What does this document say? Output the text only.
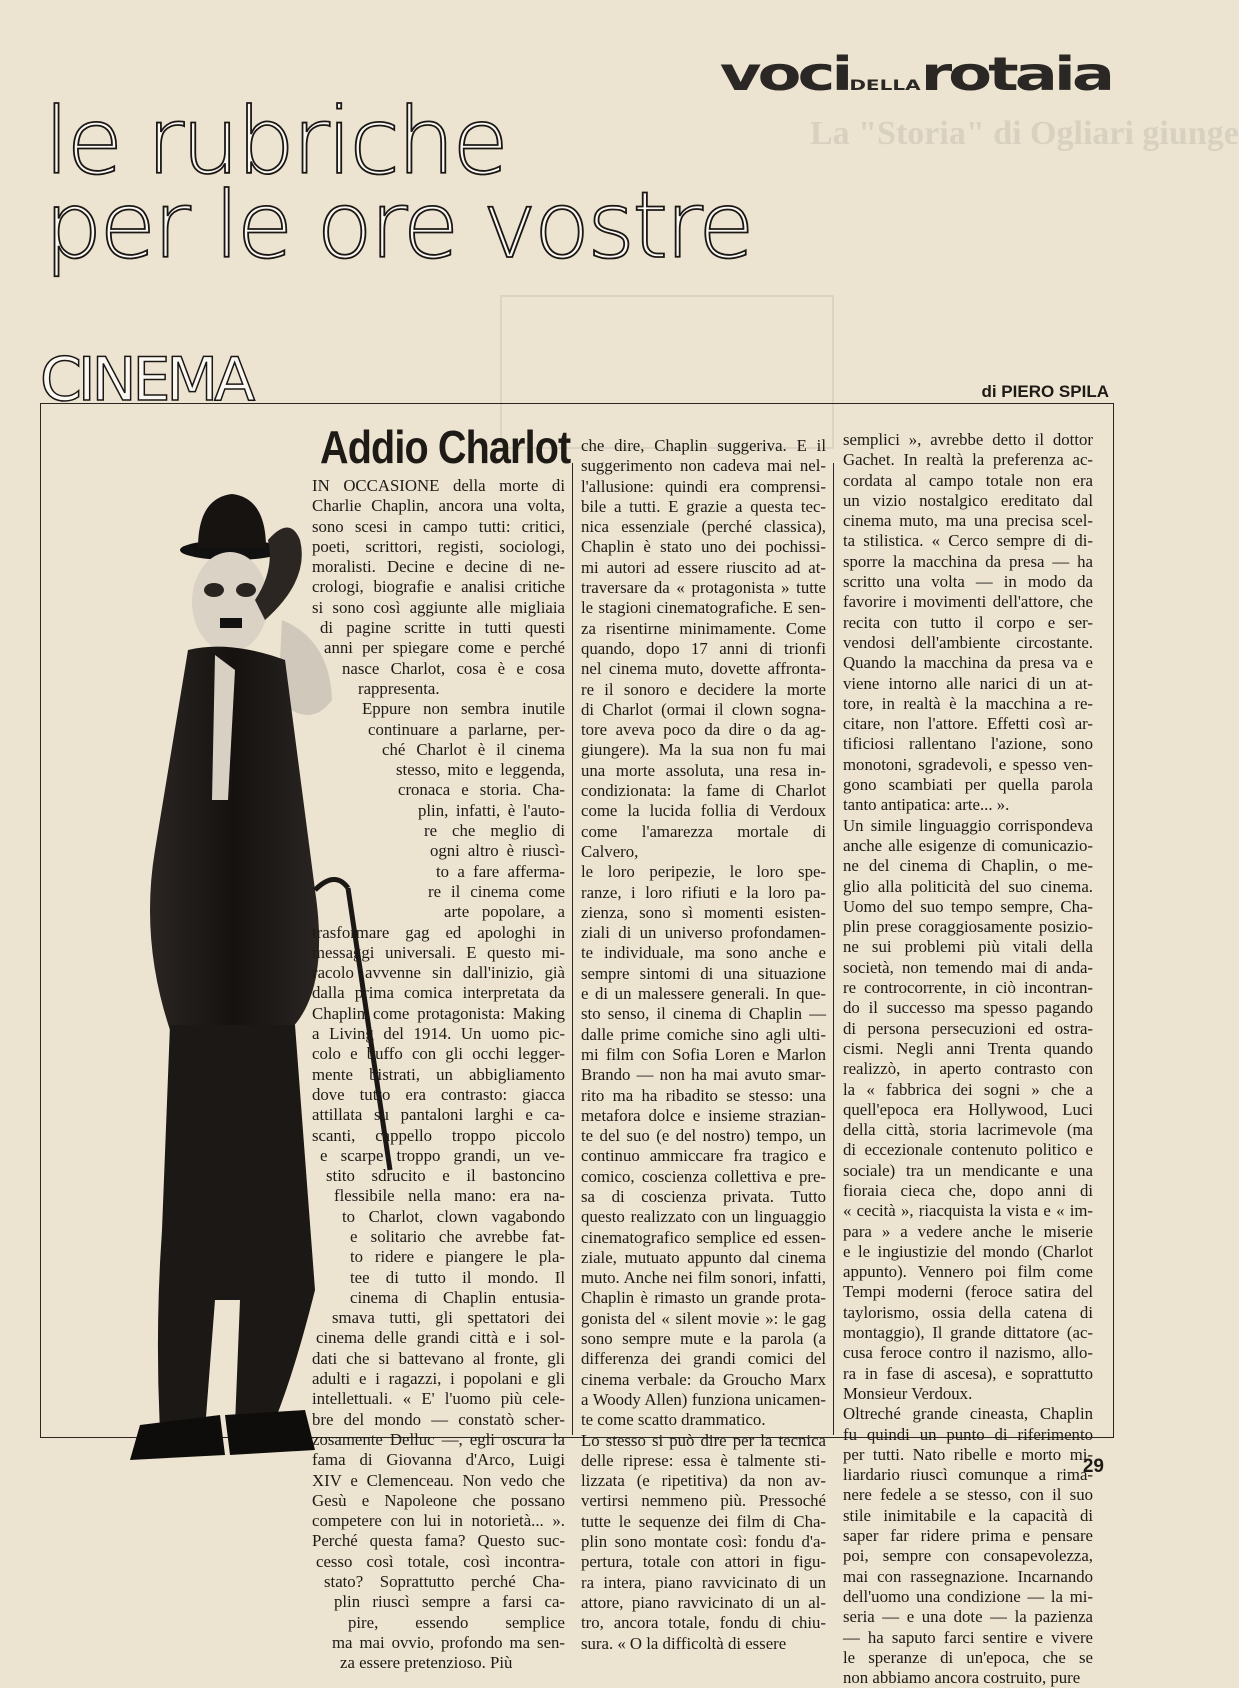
La "Storia" di Ogliari giunge
vociDELLArotaia
le rubriche
per le ore vostre
CINEMA	di PIERO SPILA
Addio Charlot

IN OCCASIONE della morte di

Charlie Chaplin, ancora una volta,

sono scesi in campo tutti: critici,

poeti, scrittori, registi, sociologi,

moralisti. Decine e decine di ne-

crologi, biografie e analisi critiche

si sono così aggiunte alle migliaia

di pagine scritte in tutti questi

anni per spiegare come e perché

nasce Charlot, cosa è e cosa

rappresenta.

Eppure non sembra inutile

continuare a parlarne, per-

ché Charlot è il cinema

stesso, mito e leggenda,

cronaca e storia. Cha-

plin, infatti, è l'auto-

re che meglio di

ogni altro è riuscì-

to a fare afferma-

re il cinema come

arte popolare, a

trasformare gag ed apologhi in

messaggi universali. E questo mi-

racolo avvenne sin dall'inizio, già

dalla prima comica interpretata da

Chaplin come protagonista: Making

a Living del 1914. Un uomo pic-

colo e buffo con gli occhi legger-

mente bistrati, un abbigliamento

dove tutto era contrasto: giacca

attillata su pantaloni larghi e ca-

scanti, cappello troppo piccolo

e scarpe troppo grandi, un ve-

stito sdrucito e il bastoncino

flessibile nella mano: era na-

to Charlot, clown vagabondo

e solitario che avrebbe fat-

to ridere e piangere le pla-

tee di tutto il mondo. Il

cinema di Chaplin entusia-

smava tutti, gli spettatori dei

cinema delle grandi città e i sol-

dati che si battevano al fronte, gli

adulti e i ragazzi, i popolani e gli

intellettuali. « E' l'uomo più cele-

bre del mondo — constatò scher-

zosamente Delluc —, egli oscura la

fama di Giovanna d'Arco, Luigi

XIV e Clemenceau. Non vedo che

Gesù e Napoleone che possano

competere con lui in notorietà... ».

Perché questa fama? Questo suc-

cesso così totale, così incontra-

stato? Soprattutto perché Cha-

plin riuscì sempre a farsi ca-

pire, essendo semplice

ma mai ovvio, profondo ma sen-

za essere pretenzioso. Più

che dire, Chaplin suggeriva. E il

suggerimento non cadeva mai nel-

l'allusione: quindi era comprensi-

bile a tutti. E grazie a questa tec-

nica essenziale (perché classica),

Chaplin è stato uno dei pochissi-

mi autori ad essere riuscito ad at-

traversare da « protagonista » tutte

le stagioni cinematografiche. E sen-

za risentirne minimamente. Come

quando, dopo 17 anni di trionfi

nel cinema muto, dovette affronta-

re il sonoro e decidere la morte

di Charlot (ormai il clown sogna-

tore aveva poco da dire o da ag-

giungere). Ma la sua non fu mai

una morte assoluta, una resa in-

condizionata: la fame di Charlot

come la lucida follia di Verdoux

come l'amarezza mortale di Calvero,

le loro peripezie, le loro spe-

ranze, i loro rifiuti e la loro pa-

zienza, sono sì momenti esisten-

ziali di un universo profondamen-

te individuale, ma sono anche e

sempre sintomi di una situazione

e di un malessere generali. In que-

sto senso, il cinema di Chaplin —

dalle prime comiche sino agli ulti-

mi film con Sofia Loren e Marlon

Brando — non ha mai avuto smar-

rito ma ha ribadito se stesso: una

metafora dolce e insieme strazian-

te del suo (e del nostro) tempo, un

continuo ammiccare fra tragico e

comico, coscienza collettiva e pre-

sa di coscienza privata. Tutto

questo realizzato con un linguaggio

cinematografico semplice ed essen-

ziale, mutuato appunto dal cinema

muto. Anche nei film sonori, infatti,

Chaplin è rimasto un grande prota-

gonista del « silent movie »: le gag

sono sempre mute e la parola (a

differenza dei grandi comici del

cinema verbale: da Groucho Marx

a Woody Allen) funziona unicamen-

te come scatto drammatico.

Lo stesso si può dire per la tecnica

delle riprese: essa è talmente sti-

lizzata (e ripetitiva) da non av-

vertirsi nemmeno più. Pressoché

tutte le sequenze dei film di Cha-

plin sono montate così: fondu d'a-

pertura, totale con attori in figu-

ra intera, piano ravvicinato di un

attore, piano ravvicinato di un al-

tro, ancora totale, fondu di chiu-

sura. « O la difficoltà di essere

semplici », avrebbe detto il dottor

Gachet. In realtà la preferenza ac-

cordata al campo totale non era

un vizio nostalgico ereditato dal

cinema muto, ma una precisa scel-

ta stilistica. « Cerco sempre di di-

sporre la macchina da presa — ha

scritto una volta — in modo da

favorire i movimenti dell'attore, che

recita con tutto il corpo e ser-

vendosi dell'ambiente circostante.

Quando la macchina da presa va e

viene intorno alle narici di un at-

tore, in realtà è la macchina a re-

citare, non l'attore. Effetti così ar-

tificiosi rallentano l'azione, sono

monotoni, sgradevoli, e spesso ven-

gono scambiati per quella parola

tanto antipatica: arte... ».

Un simile linguaggio corrispondeva

anche alle esigenze di comunicazio-

ne del cinema di Chaplin, o me-

glio alla politicità del suo cinema.

Uomo del suo tempo sempre, Cha-

plin prese coraggiosamente posizio-

ne sui problemi più vitali della

società, non temendo mai di anda-

re controcorrente, in ciò incontran-

do il successo ma spesso pagando

di persona persecuzioni ed ostra-

cismi. Negli anni Trenta quando

realizzò, in aperto contrasto con

la « fabbrica dei sogni » che a

quell'epoca era Hollywood, Luci

della città, storia lacrimevole (ma

di eccezionale contenuto politico e

sociale) tra un mendicante e una

fioraia cieca che, dopo anni di

« cecità », riacquista la vista e « im-

para » a vedere anche le miserie

e le ingiustizie del mondo (Charlot

appunto). Vennero poi film come

Tempi moderni (feroce satira del

taylorismo, ossia della catena di

montaggio), Il grande dittatore (ac-

cusa feroce contro il nazismo, allo-

ra in fase di ascesa), e soprattutto

Monsieur Verdoux.

Oltreché grande cineasta, Chaplin

fu quindi un punto di riferimento

per tutti. Nato ribelle e morto mi-

liardario riuscì comunque a rima-

nere fedele a se stesso, con il suo

stile inimitabile e la capacità di

saper far ridere prima e pensare

poi, sempre con consapevolezza,

mai con rassegnazione. Incarnando

dell'uomo una condizione — la mi-

seria — e una dote — la pazienza

— ha saputo farci sentire e vivere

le speranze di un'epoca, che se

non abbiamo ancora costruito, pure

29
